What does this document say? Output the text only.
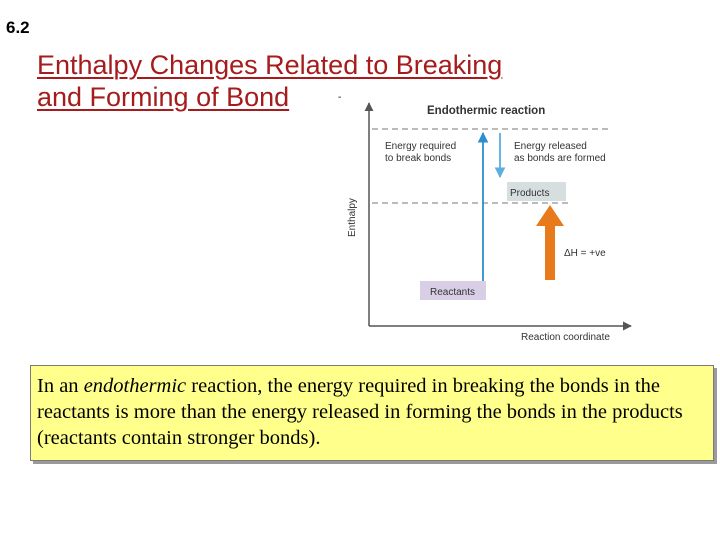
6.2
Enthalpy Changes Related to Breaking
and Forming of Bond	-
Endothermic reaction
Enthalpy
Reaction coordinate
Energy required to break bonds
Energy released as bonds are formed
Products
ΔH = +ve
Reactants
In an endothermic reaction, the energy required in breaking the bonds in the reactants is more than the energy released in forming the bonds in the products (reactants contain stronger bonds).
